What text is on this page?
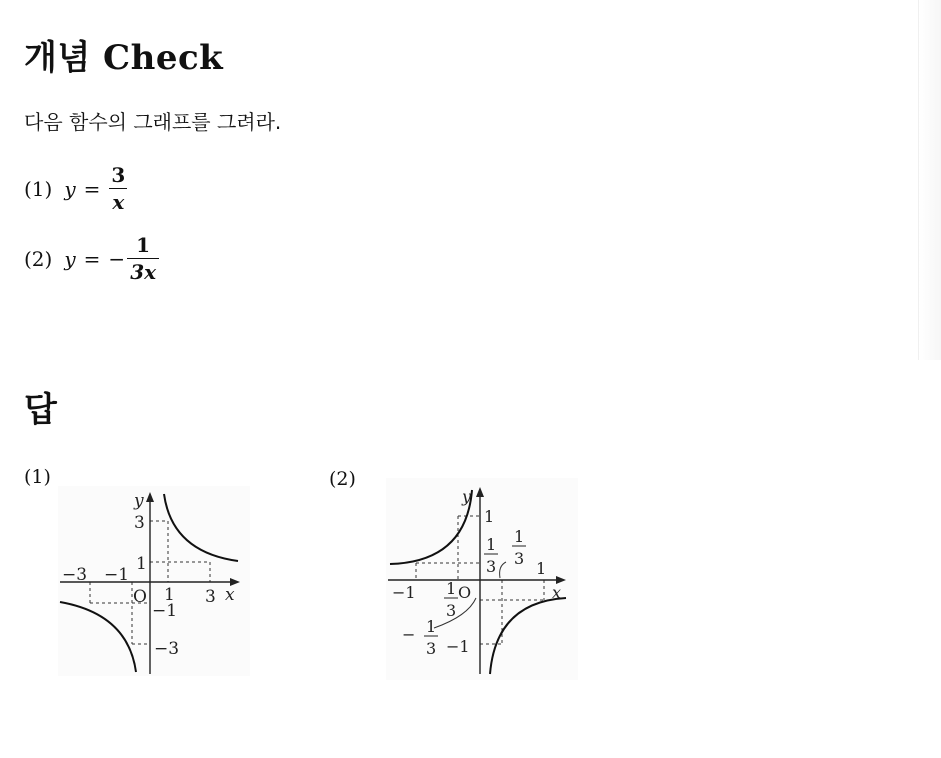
개념 Check
다음 함수의 그래프를 그려라.
(1) $y = \frac{3}{x}$
(2) y = − $\frac{1}{3x}$
답
(1)	(2)
y
x
O
3
1
−3 −1
1 3
−1
−3
y
x
O
1
1
3
1
3
1
−1 1
3
− 1
3 −1
